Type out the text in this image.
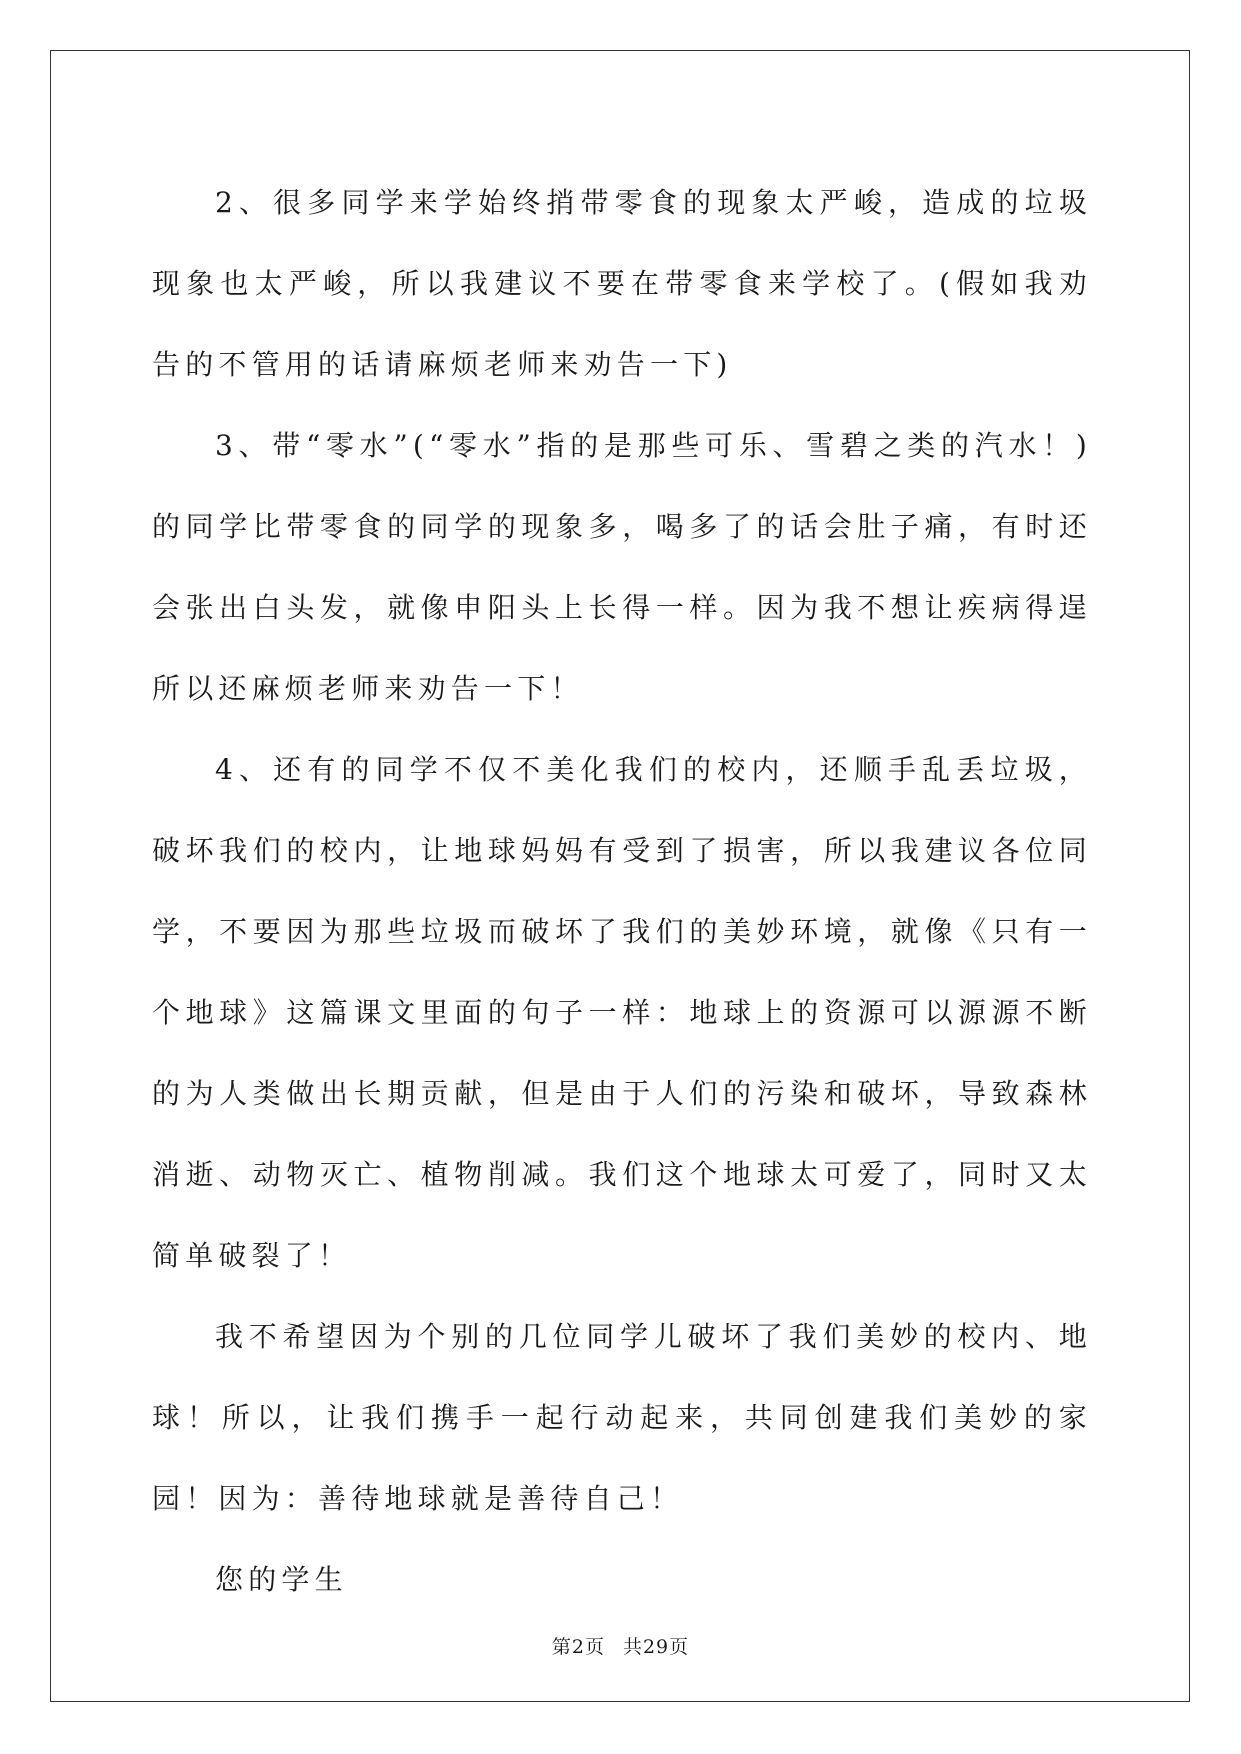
2、很多同学来学始终捎带零食的现象太严峻，造成的垃圾现象也太严峻，所以我建议不要在带零食来学校了。(假如我劝告的不管用的话请麻烦老师来劝告一下)

3、带“零水”(“零水”指的是那些可乐、雪碧之类的汽水！)的同学比带零食的同学的现象多，喝多了的话会肚子痛，有时还会张出白头发，就像申阳头上长得一样。因为我不想让疾病得逞所以还麻烦老师来劝告一下！

4、还有的同学不仅不美化我们的校内，还顺手乱丢垃圾，破坏我们的校内，让地球妈妈有受到了损害，所以我建议各位同学，不要因为那些垃圾而破坏了我们的美妙环境，就像《只有一个地球》这篇课文里面的句子一样：地球上的资源可以源源不断的为人类做出长期贡献，但是由于人们的污染和破坏，导致森林消逝、动物灭亡、植物削减。我们这个地球太可爱了，同时又太简单破裂了！

我不希望因为个别的几位同学儿破坏了我们美妙的校内、地球！所以，让我们携手一起行动起来，共同创建我们美妙的家园！因为：善待地球就是善待自己！

您的学生

第2页 共29页
